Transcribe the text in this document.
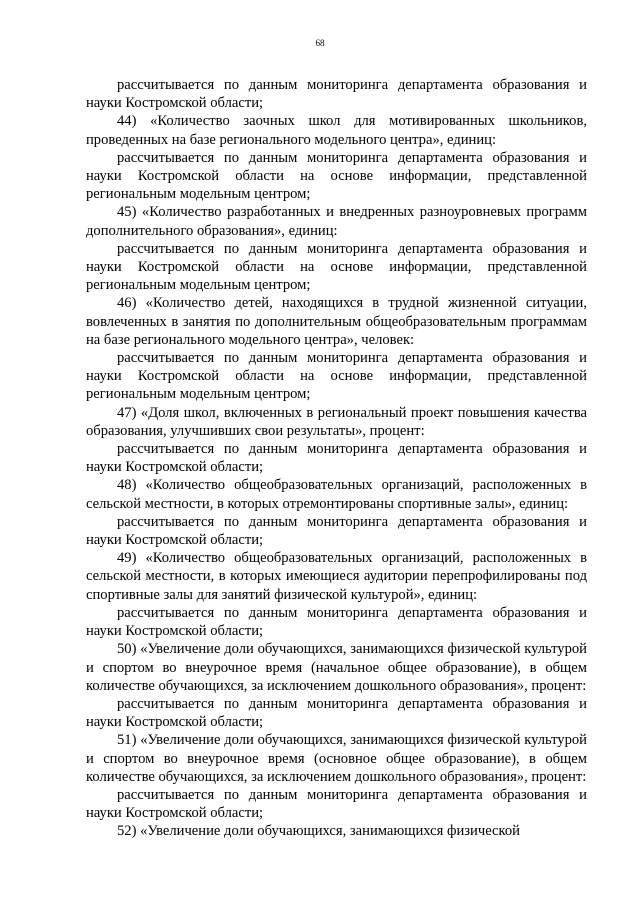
68

рассчитывается по данным мониторинга департамента образования и науки Костромской области;

44) «Количество заочных школ для мотивированных школьников, проведенных на базе регионального модельного центра», единиц:

рассчитывается по данным мониторинга департамента образования и науки Костромской области на основе информации, представленной региональным модельным центром;

45) «Количество разработанных и внедренных разноуровневых программ дополнительного образования», единиц:

рассчитывается по данным мониторинга департамента образования и науки Костромской области на основе информации, представленной региональным модельным центром;

46) «Количество детей, находящихся в трудной жизненной ситуации, вовлеченных в занятия по дополнительным общеобразовательным программам на базе регионального модельного центра», человек:

рассчитывается по данным мониторинга департамента образования и науки Костромской области на основе информации, представленной региональным модельным центром;

47) «Доля школ, включенных в региональный проект повышения качества образования, улучшивших свои результаты», процент:

рассчитывается по данным мониторинга департамента образования и науки Костромской области;

48) «Количество общеобразовательных организаций, расположенных в сельской местности, в которых отремонтированы спортивные залы», единиц:

рассчитывается по данным мониторинга департамента образования и науки Костромской области;

49) «Количество общеобразовательных организаций, расположенных в сельской местности, в которых имеющиеся аудитории перепрофилированы под спортивные залы для занятий физической культурой», единиц:

рассчитывается по данным мониторинга департамента образования и науки Костромской области;

50) «Увеличение доли обучающихся, занимающихся физической культурой и спортом во внеурочное время (начальное общее образование), в общем количестве обучающихся, за исключением дошкольного образования», процент:

рассчитывается по данным мониторинга департамента образования и науки Костромской области;

51) «Увеличение доли обучающихся, занимающихся физической культурой и спортом во внеурочное время (основное общее образование), в общем количестве обучающихся, за исключением дошкольного образования», процент:

рассчитывается по данным мониторинга департамента образования и науки Костромской области;

52) «Увеличение доли обучающихся, занимающихся физической
